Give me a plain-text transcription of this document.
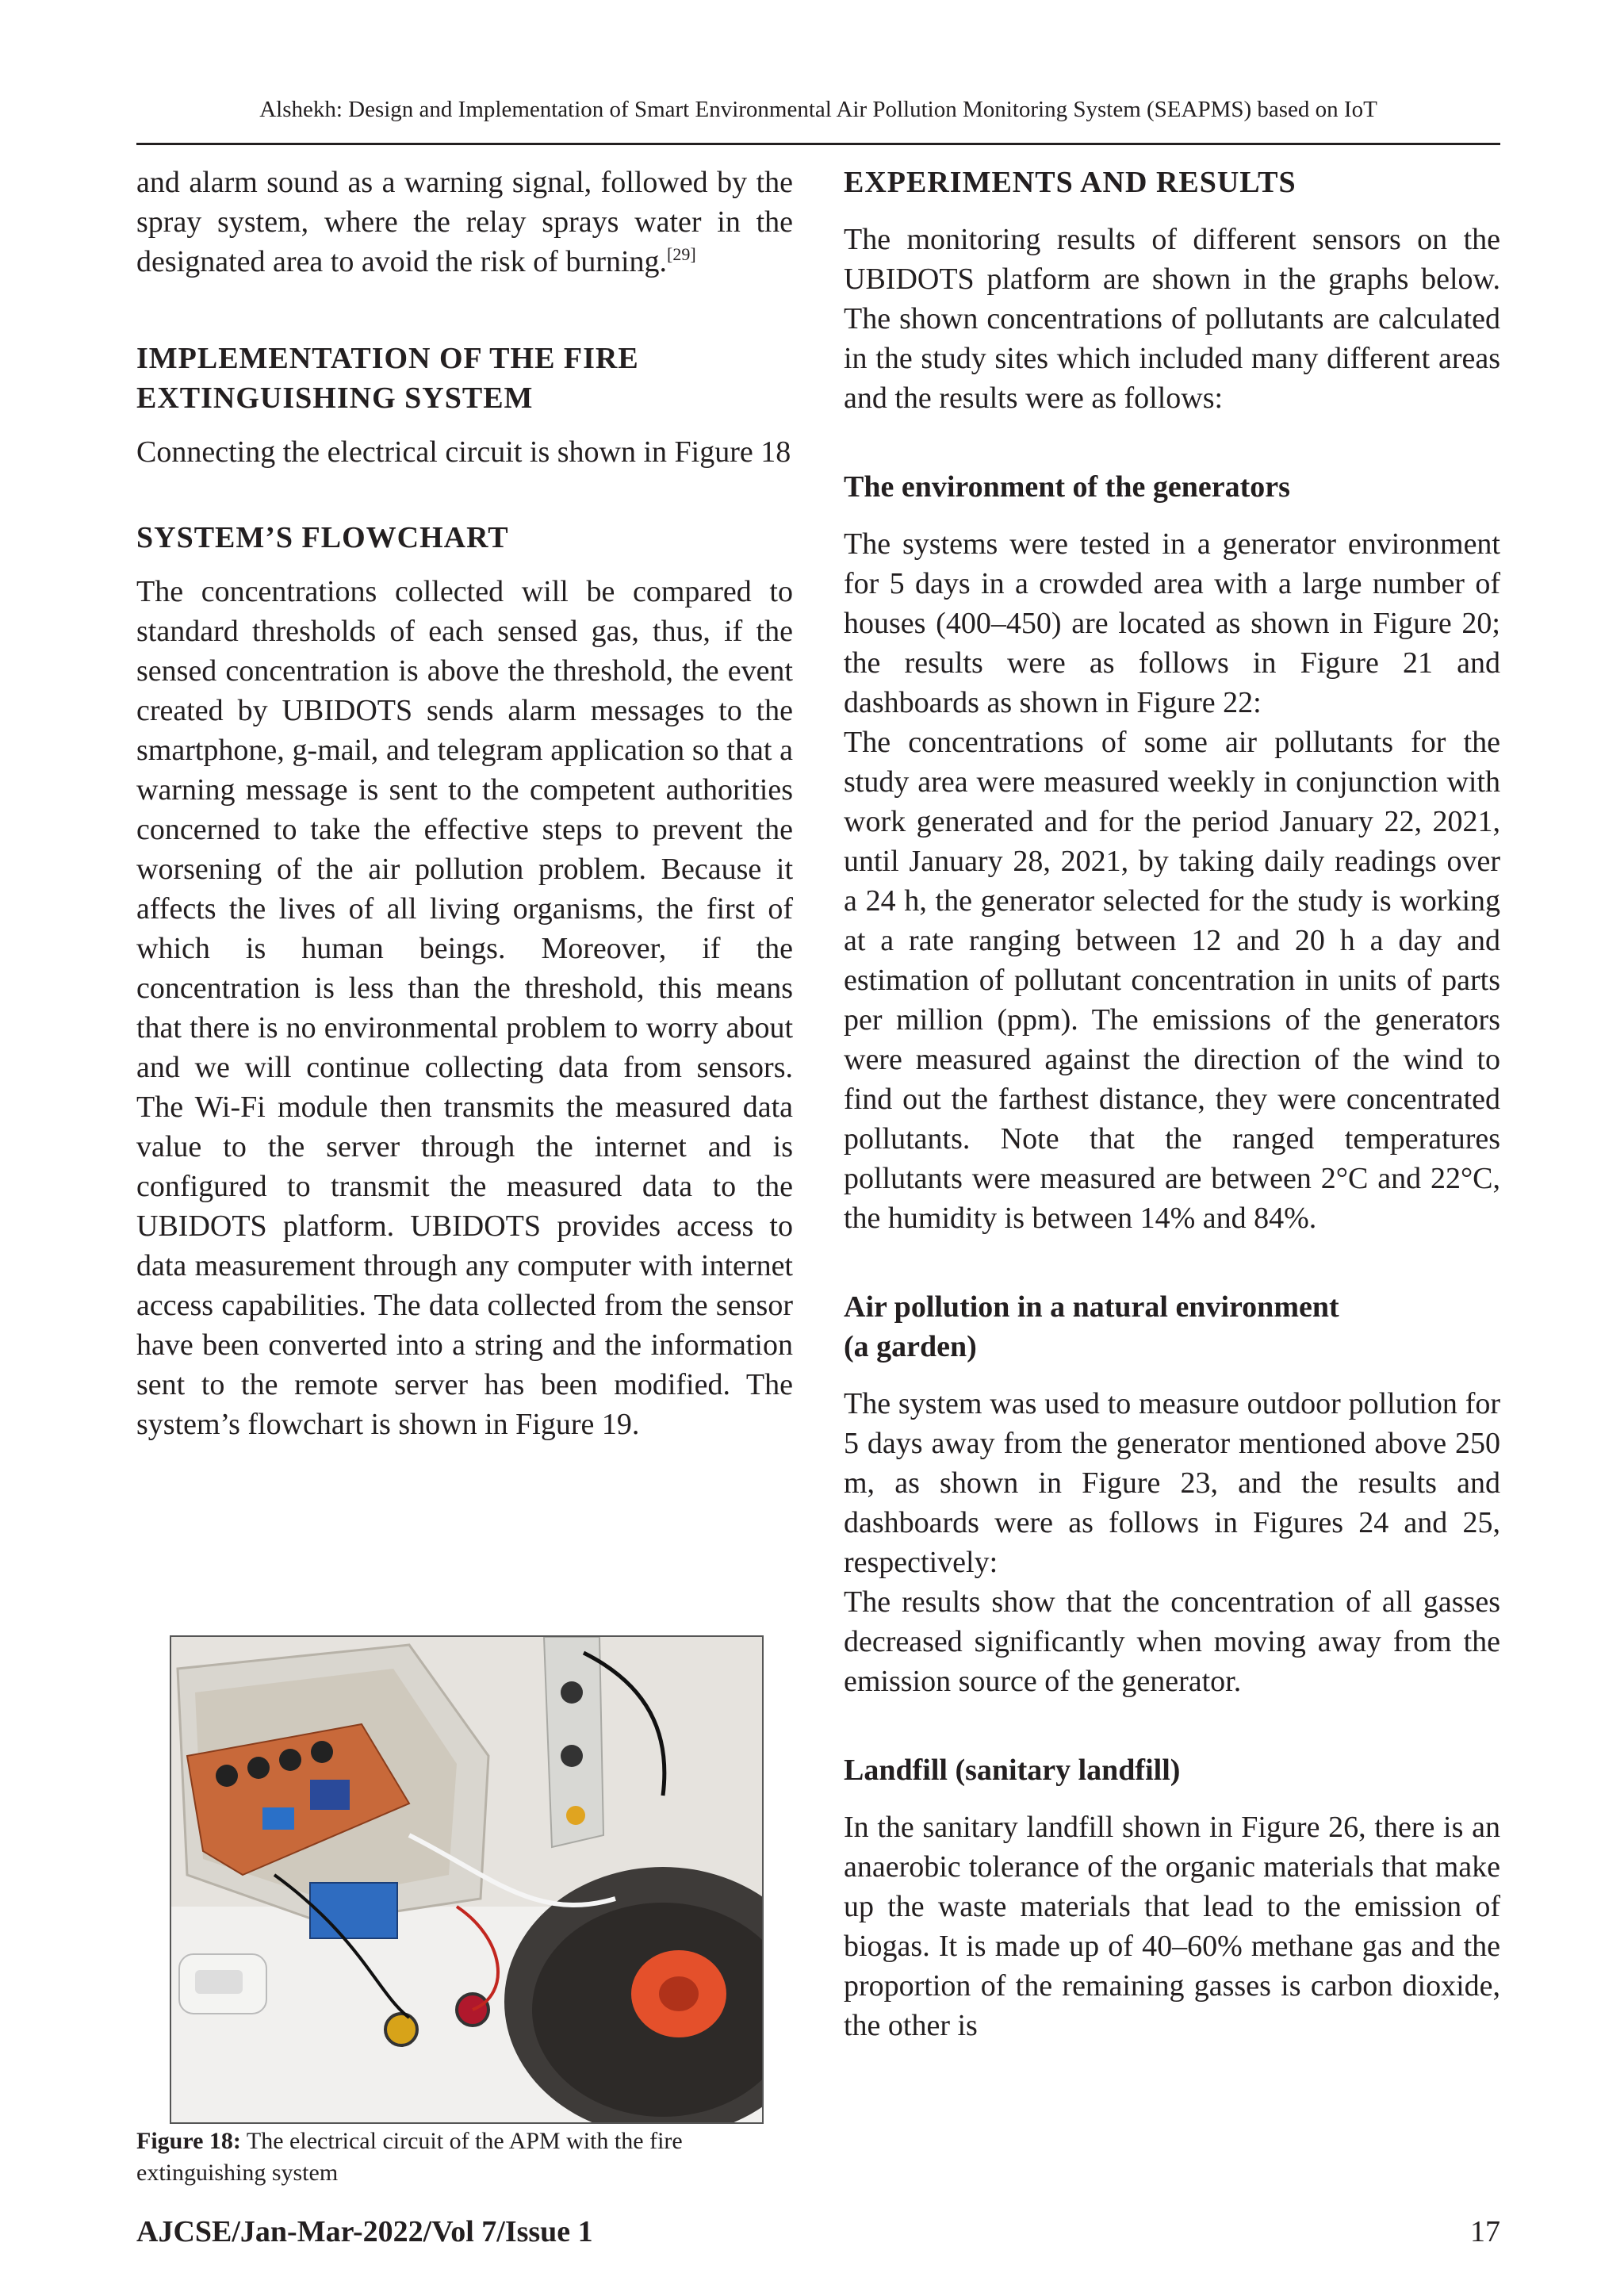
Alshekh: Design and Implementation of Smart Environmental Air Pollution Monitoring System (SEAPMS) based on IoT

and alarm sound as a warning signal, followed by the spray system, where the relay sprays water in the designated area to avoid the risk of burning.[29]

IMPLEMENTATION OF THE FIRE
EXTINGUISHING SYSTEM

Connecting the electrical circuit is shown in Figure 18

SYSTEM’S FLOWCHART

The concentrations collected will be compared to standard thresholds of each sensed gas, thus, if the sensed concentration is above the threshold, the event created by UBIDOTS sends alarm messages to the smartphone, g-mail, and telegram application so that a warning message is sent to the competent authorities concerned to take the effective steps to prevent the worsening of the air pollution problem. Because it affects the lives of all living organisms, the first of which is human beings. Moreover, if the concentration is less than the threshold, this means that there is no environmental problem to worry about and we will continue collecting data from sensors. The Wi-Fi module then transmits the measured data value to the server through the internet and is configured to transmit the measured data to the UBIDOTS platform. UBIDOTS provides access to data measurement through any computer with internet access capabilities. The data collected from the sensor have been converted into a string and the information sent to the remote server has been modified. The system’s flowchart is shown in Figure 19.

Figure 18: The electrical circuit of the APM with the fire extinguishing system

EXPERIMENTS AND RESULTS

The monitoring results of different sensors on the UBIDOTS platform are shown in the graphs below. The shown concentrations of pollutants are calculated in the study sites which included many different areas and the results were as follows:

The environment of the generators

The systems were tested in a generator environment for 5 days in a crowded area with a large number of houses (400–450) are located as shown in Figure 20; the results were as follows in Figure 21 and dashboards as shown in Figure 22:

The concentrations of some air pollutants for the study area were measured weekly in conjunction with work generated and for the period January 22, 2021, until January 28, 2021, by taking daily readings over a 24 h, the generator selected for the study is working at a rate ranging between 12 and 20 h a day and estimation of pollutant concentration in units of parts per million (ppm). The emissions of the generators were measured against the direction of the wind to find out the farthest distance, they were concentrated pollutants. Note that the ranged temperatures pollutants were measured are between 2°C and 22°C, the humidity is between 14% and 84%.

Air pollution in a natural environment
(a garden)

The system was used to measure outdoor pollution for 5 days away from the generator mentioned above 250 m, as shown in Figure 23, and the results and dashboards were as follows in Figures 24 and 25, respectively:

The results show that the concentration of all gasses decreased significantly when moving away from the emission source of the generator.

Landfill (sanitary landfill)

In the sanitary landfill shown in Figure 26, there is an anaerobic tolerance of the organic materials that make up the waste materials that lead to the emission of biogas. It is made up of 40–60% methane gas and the proportion of the remaining gasses is carbon dioxide, the other is

AJCSE/Jan-Mar-2022/Vol 7/Issue 1	17
